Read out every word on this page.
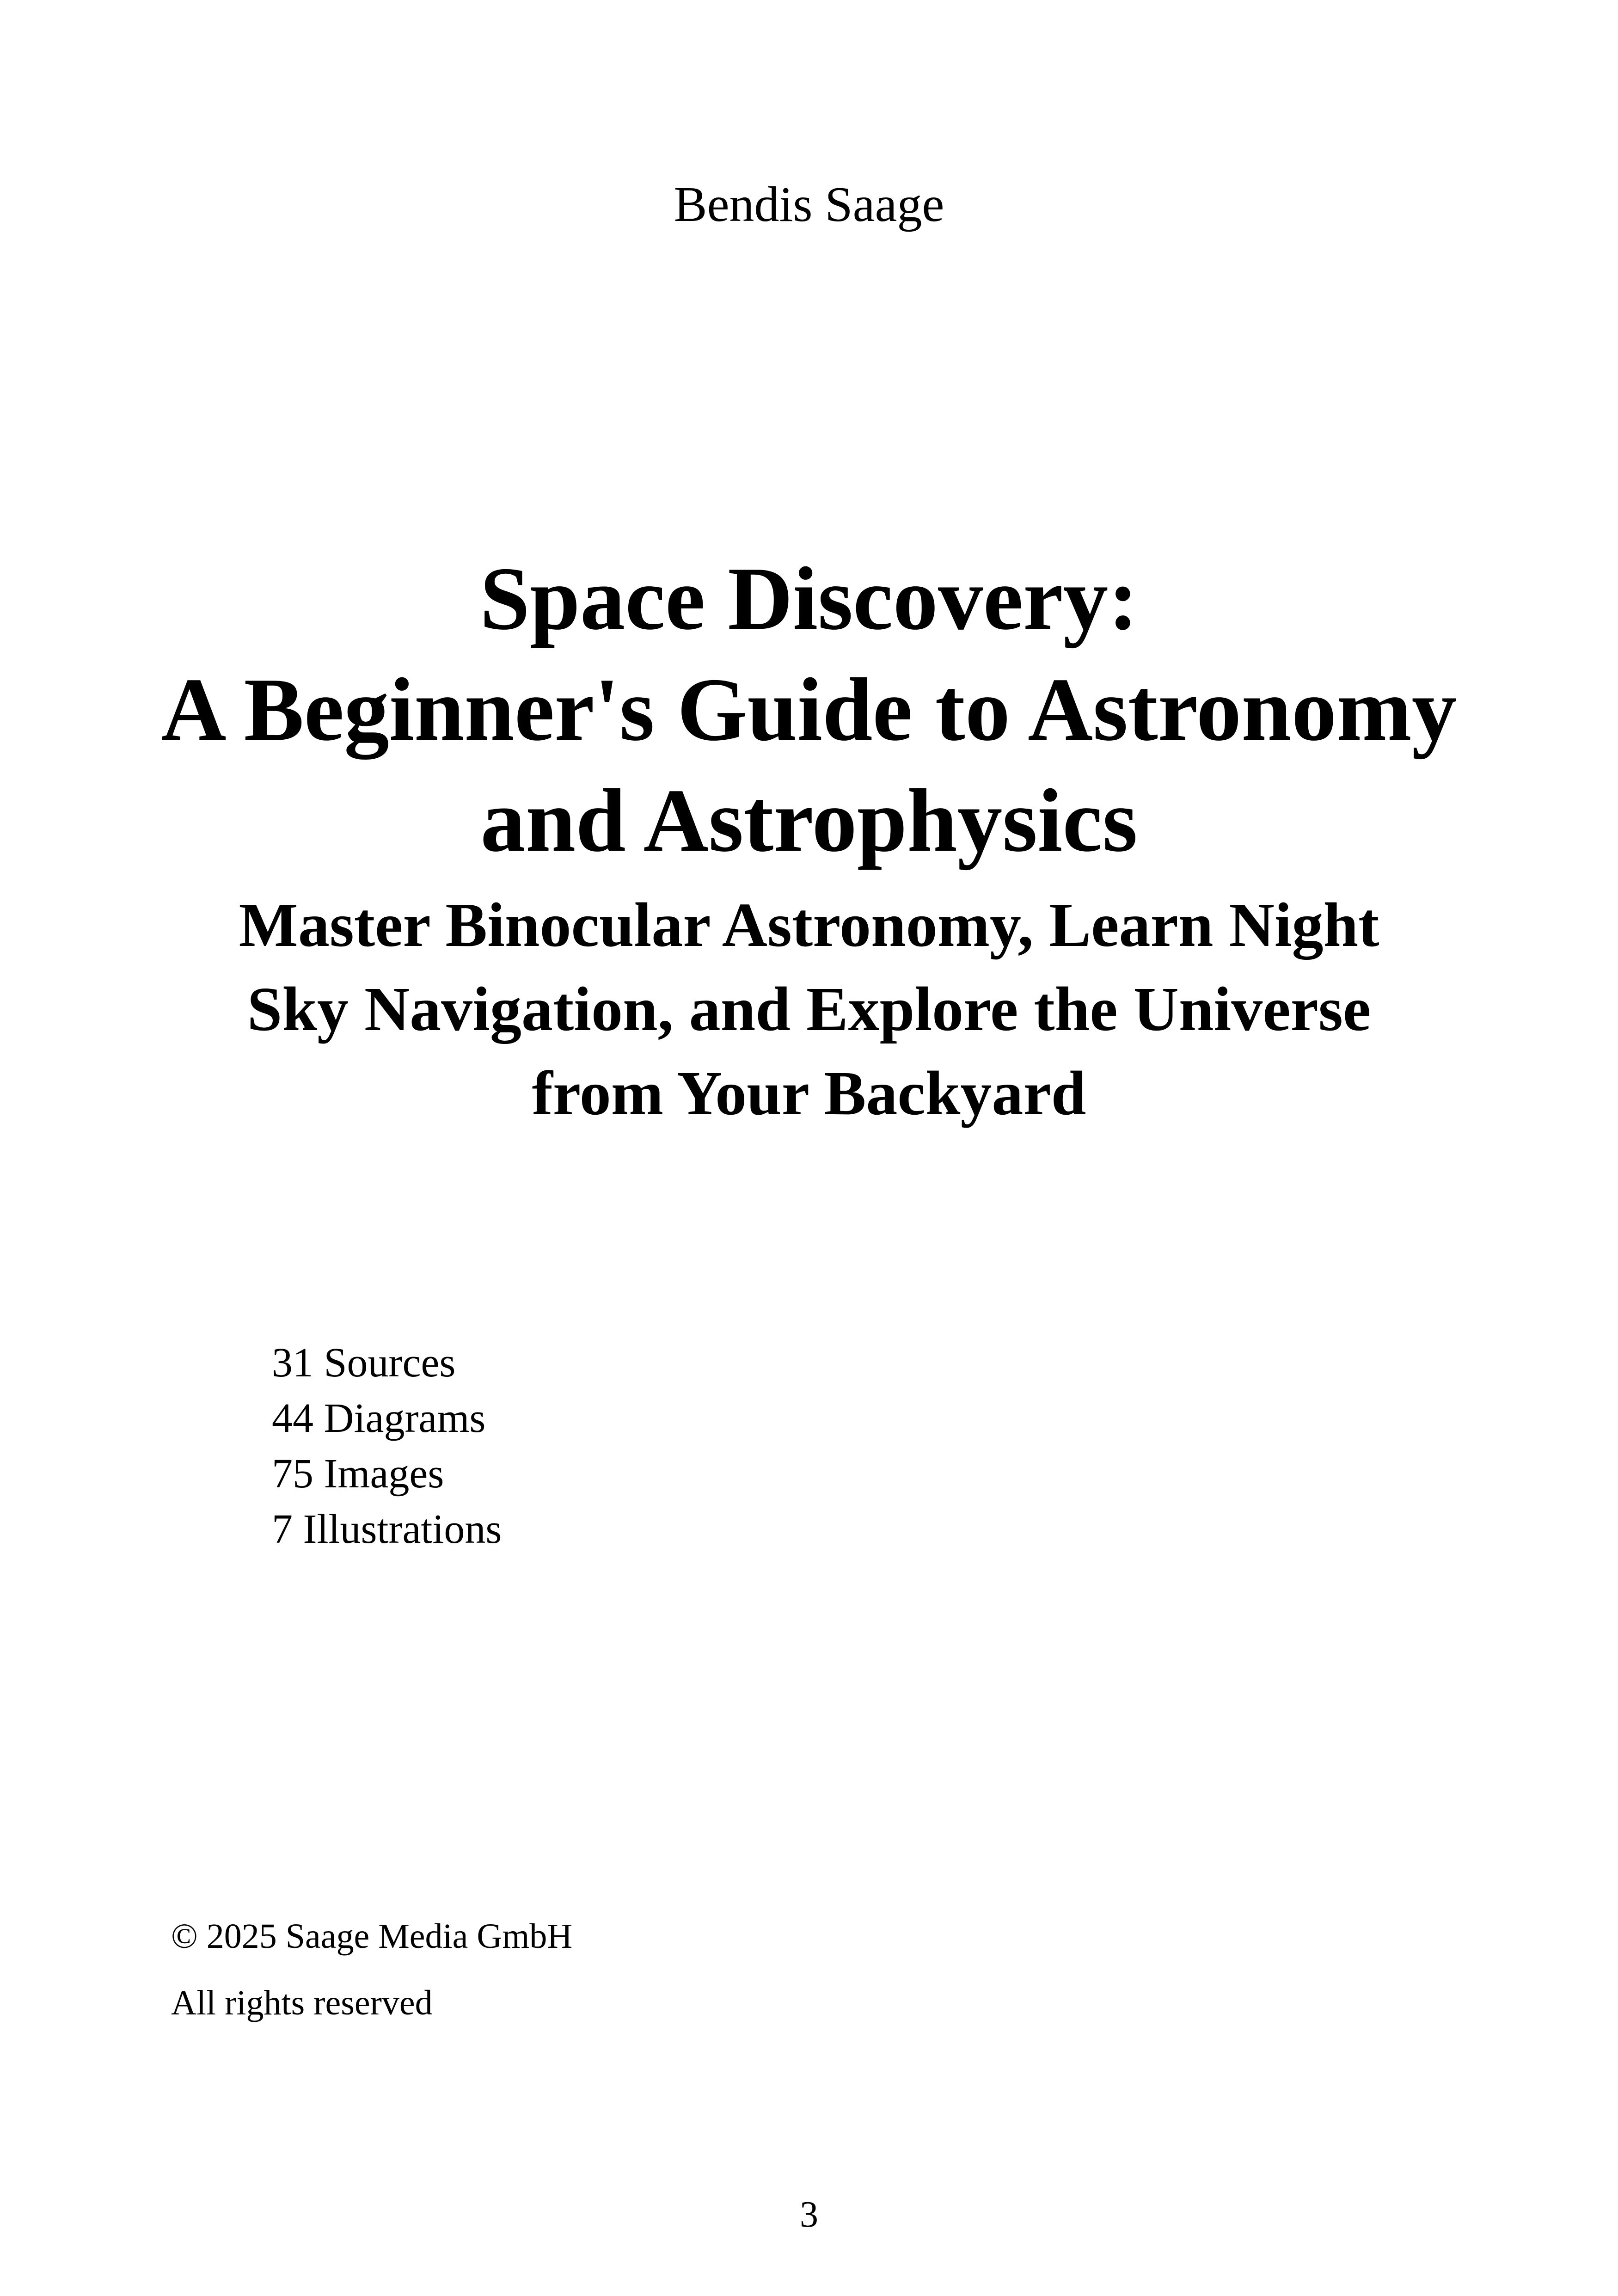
Bendis Saage
Space Discovery:
A Beginner's Guide to Astronomy
and Astrophysics
Master Binocular Astronomy, Learn Night
Sky Navigation, and Explore the Universe
from Your Backyard
31 Sources
44 Diagrams
75 Images
7 Illustrations
© 2025 Saage Media GmbH
All rights reserved
3
